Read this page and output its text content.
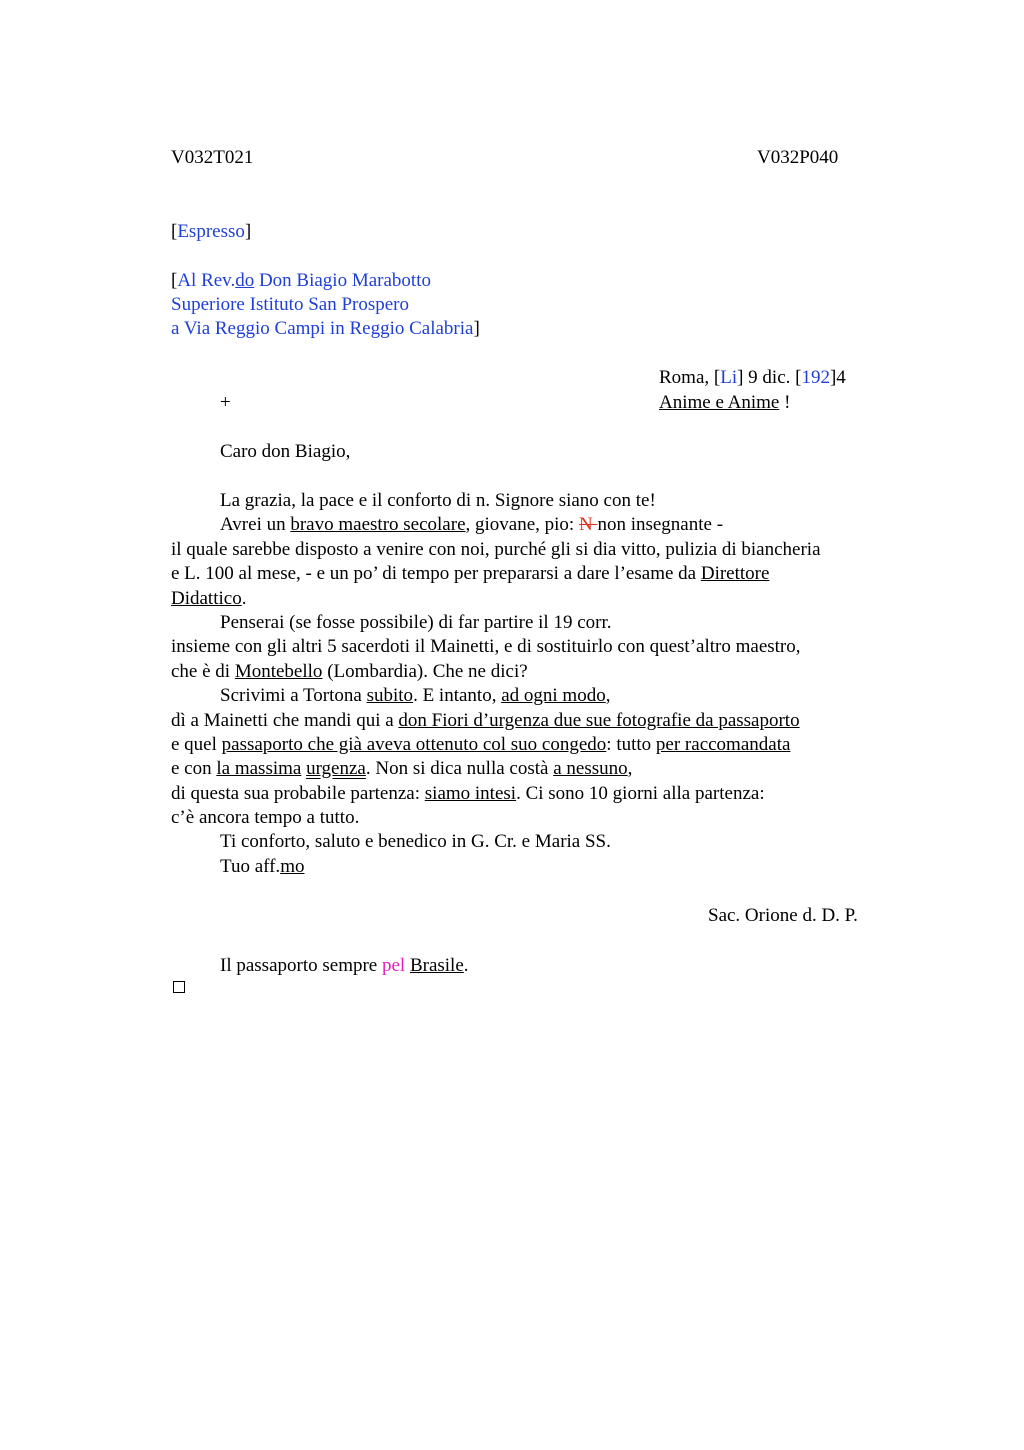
V032T021	V032P040
[Espresso]
[Al Rev.do Don Biagio Marabotto
Superiore Istituto San Prospero
a Via Reggio Campi in Reggio Calabria]
Roma, [Li] 9 dic. [192]4
+	Anime e Anime !
Caro don Biagio,
La grazia, la pace e il conforto di n. Signore siano con te!
Avrei un bravo maestro secolare, giovane, pio: N non insegnante -
il quale sarebbe disposto a venire con noi, purché gli si dia vitto, pulizia di biancheria
e L. 100 al mese, - e un po’ di tempo per prepararsi a dare l’esame da Direttore
Didattico.
Penserai (se fosse possibile) di far partire il 19 corr.
insieme con gli altri 5 sacerdoti il Mainetti, e di sostituirlo con quest’altro maestro,
che è di Montebello (Lombardia). Che ne dici?
Scrivimi a Tortona subito. E intanto, ad ogni modo,
dì a Mainetti che mandi qui a don Fiori d’urgenza due sue fotografie da passaporto
e quel passaporto che già aveva ottenuto col suo congedo: tutto per raccomandata
e con la massima urgenza. Non si dica nulla costà a nessuno,
di questa sua probabile partenza: siamo intesi. Ci sono 10 giorni alla partenza:
c’è ancora tempo a tutto.
Ti conforto, saluto e benedico in G. Cr. e Maria SS.
Tuo aff.mo
Sac. Orione d. D. P.
Il passaporto sempre pel Brasile.
